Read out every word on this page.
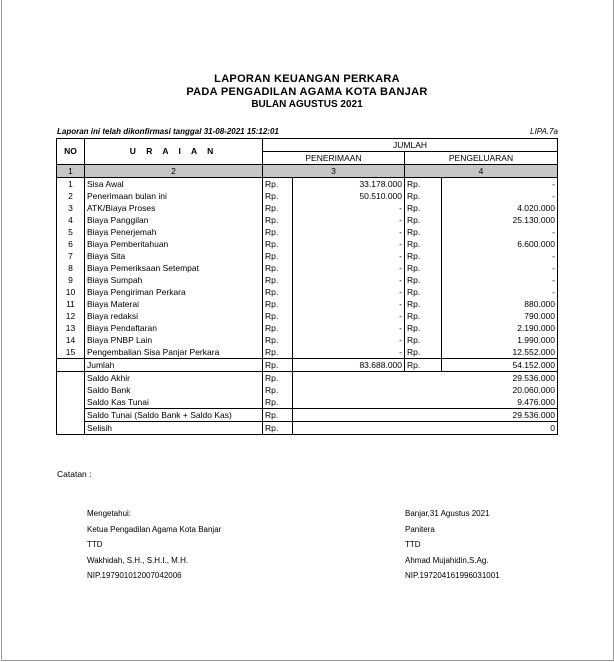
LAPORAN KEUANGAN PERKARA
PADA PENGADILAN AGAMA KOTA BANJAR
BULAN AGUSTUS 2021
Laporan ini telah dikonfirmasi tanggal 31-08-2021 15:12:01	LIPA.7a
NO	U R A I A N	JUMLAH			
		PENERIMAAN		PENGELUARAN	
1	2	3		4	
1	Sisa Awal	Rp.	33.178.000	Rp.	-
2	Penerimaan bulan ini	Rp.	50.510.000	Rp.	-
3	ATK/Biaya Proses	Rp.	-	Rp.	4.020.000
4	Biaya Panggilan	Rp.	-	Rp.	25.130.000
5	Biaya Penerjemah	Rp.	-	Rp.	-
6	Biaya Pemberitahuan	Rp.	-	Rp.	6.600.000
7	Biaya Sita	Rp.	-	Rp.	-
8	Biaya Pemeriksaan Setempat	Rp.	-	Rp.	-
9	Biaya Sumpah	Rp.	-	Rp.	-
10	Biaya Pengiriman Perkara	Rp.	-	Rp.	-
11	Biaya Materai	Rp.	-	Rp.	880.000
12	Biaya redaksi	Rp.	-	Rp.	790.000
13	Biaya Pendaftaran	Rp.	-	Rp.	2.190.000
14	Biaya PNBP Lain	Rp.	-	Rp.	1.990.000
15	Pengembalian Sisa Panjar Perkara	Rp.	-	Rp.	12.552.000
	Jumlah	Rp.	83.688.000	Rp.	54.152.000
	Saldo Akhir	Rp.			29.536.000
	Saldo Bank	Rp.			20.060.000
	Saldo Kas Tunai	Rp.			9.476.000
	Saldo Tunai (Saldo Bank + Saldo Kas)	Rp.			29.536.000
	Selisih	Rp.			0
Catatan :
Mengetahui:
Ketua Pengadilan Agama Kota Banjar
TTD
Wakhidah, S.H., S.H.I., M.H.
NIP.197901012007042006
Banjar,31 Agustus 2021
Panitera
TTD
Ahmad Mujahidin,S.Ag.
NIP.197204161996031001
